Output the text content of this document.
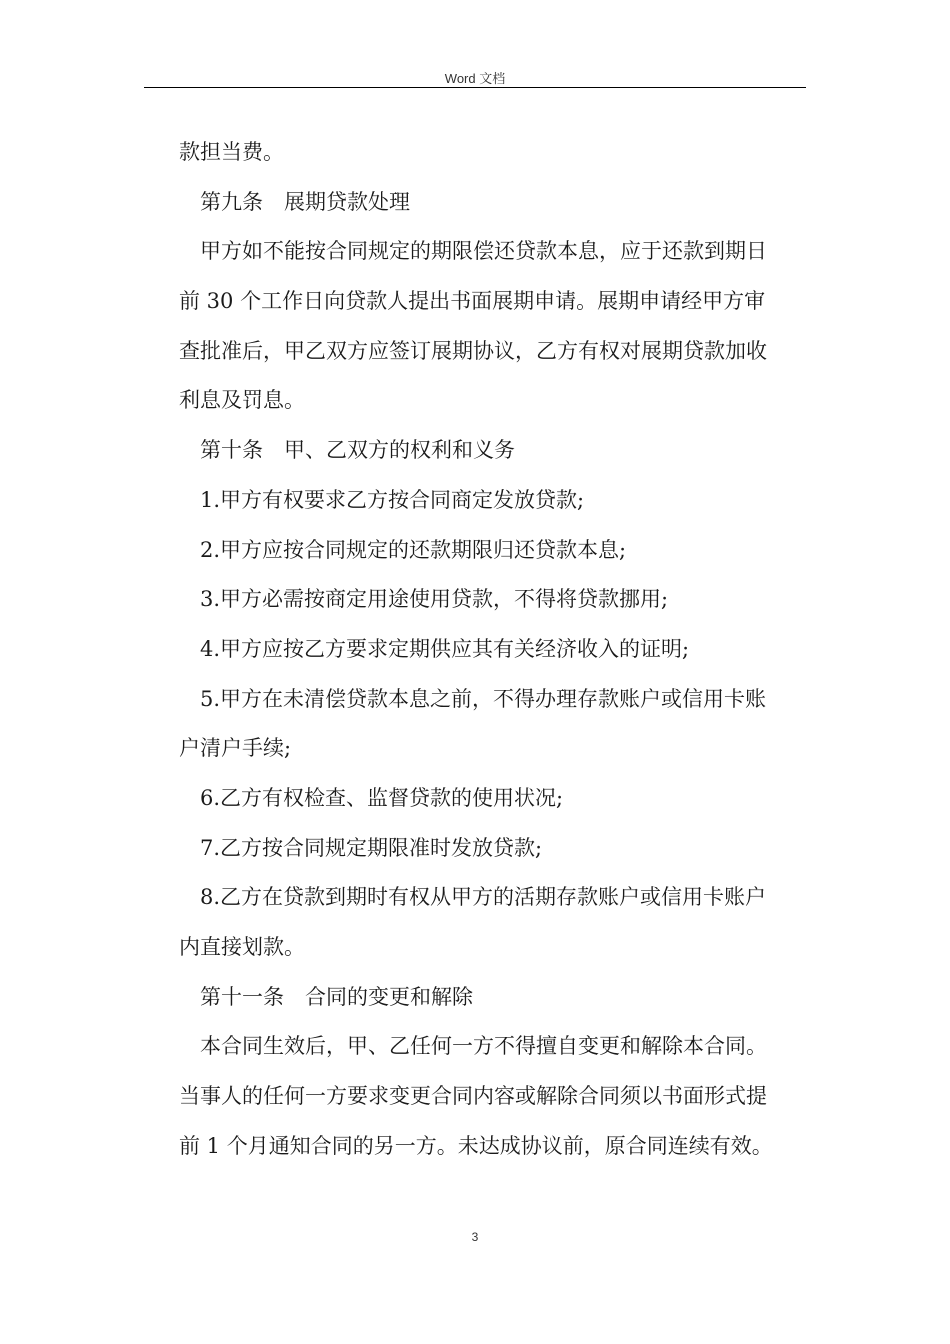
Word 文档
款担当费。
第九条　展期贷款处理
甲方如不能按合同规定的期限偿还贷款本息，应于还款到期日
前 30 个工作日向贷款人提出书面展期申请。展期申请经甲方审
查批准后，甲乙双方应签订展期协议，乙方有权对展期贷款加收
利息及罚息。
第十条　甲、乙双方的权利和义务
1.甲方有权要求乙方按合同商定发放贷款;
2.甲方应按合同规定的还款期限归还贷款本息;
3.甲方必需按商定用途使用贷款，不得将贷款挪用;
4.甲方应按乙方要求定期供应其有关经济收入的证明;
5.甲方在未清偿贷款本息之前，不得办理存款账户或信用卡账
户清户手续;
6.乙方有权检查、监督贷款的使用状况;
7.乙方按合同规定期限准时发放贷款;
8.乙方在贷款到期时有权从甲方的活期存款账户或信用卡账户
内直接划款。
第十一条　合同的变更和解除
本合同生效后，甲、乙任何一方不得擅自变更和解除本合同。
当事人的任何一方要求变更合同内容或解除合同须以书面形式提
前 1 个月通知合同的另一方。未达成协议前，原合同连续有效。
3
